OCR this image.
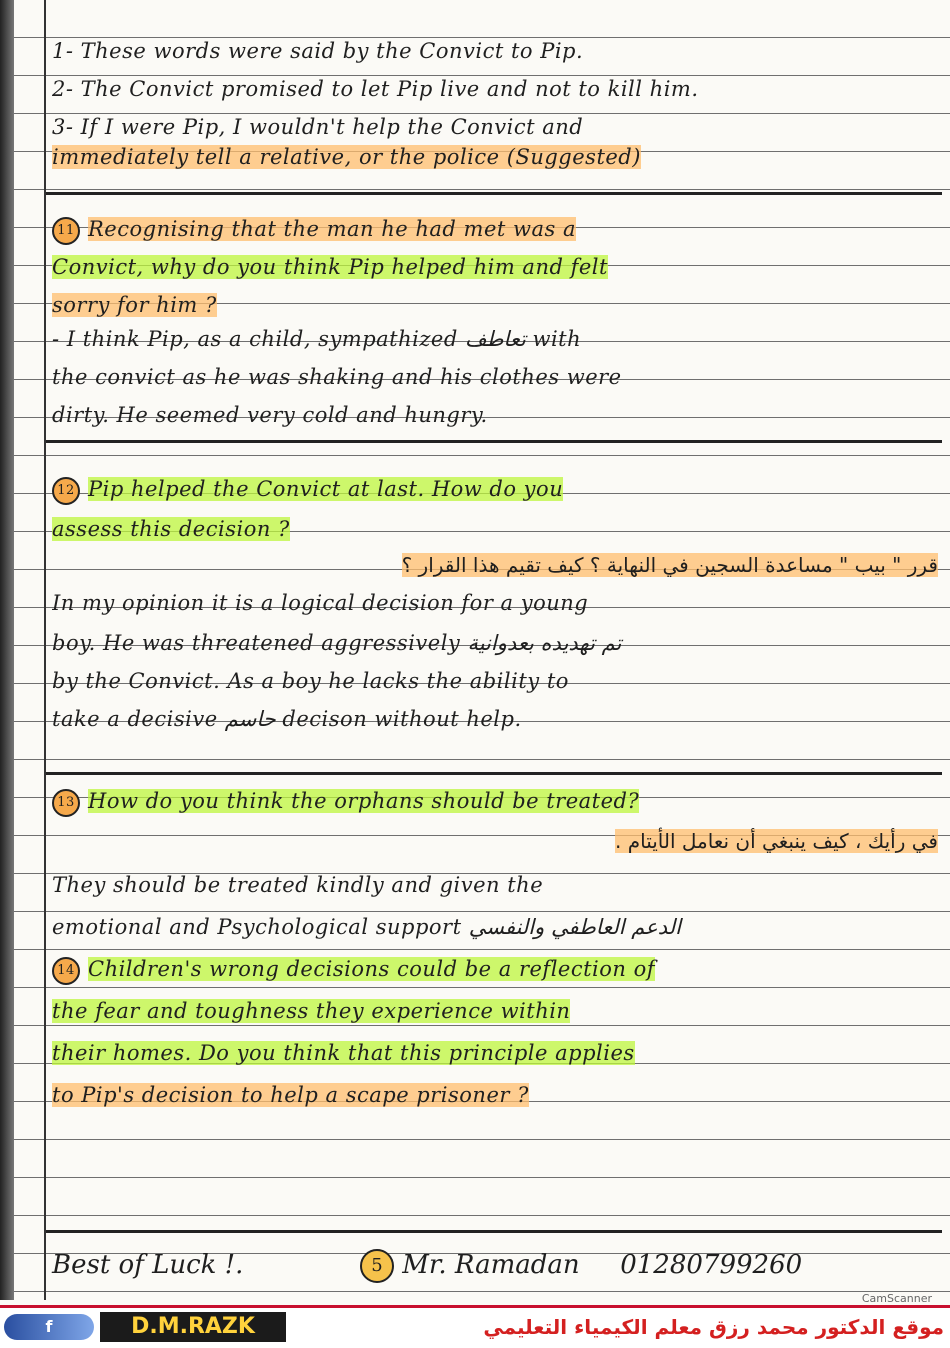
1- These words were said by the Convict to Pip.
2- The Convict promised to let Pip live and not to kill him.
3- If I were Pip, I wouldn't help the Convict and
immediately tell a relative, or the police (Suggested)
11 Recognising that the man he had met was a
Convict, why do you think Pip helped him and felt
sorry for him ?
- I think Pip, as a child, sympathized تعاطف with
the convict as he was shaking and his clothes were
dirty. He seemed very cold and hungry.
12 Pip helped the Convict at last. How do you
assess this decision ?
قرر " بيب " مساعدة السجين في النهاية ؟ كيف تقيم هذا القرار ؟
In my opinion it is a logical decision for a young
boy. He was threatened aggressively تم تهديده بعدوانية
by the Convict. As a boy he lacks the ability to
take a decisive حاسم decison without help.
13 How do you think the orphans should be treated?
في رأيك ، كيف ينبغي أن نعامل الأيتام .
They should be treated kindly and given the
emotional and Psychological support الدعم العاطفي والنفسي
14 Children's wrong decisions could be a reflection of
the fear and toughness they experience within
their homes. Do you think that this principle applies
to Pip's decision to help a scape prisoner ?
Best of Luck !.	5 Mr. Ramadan 01280799260
CamScanner
f	D.M.RAZK	موقع الدكتور محمد رزق معلم الكيمياء التعليمي
